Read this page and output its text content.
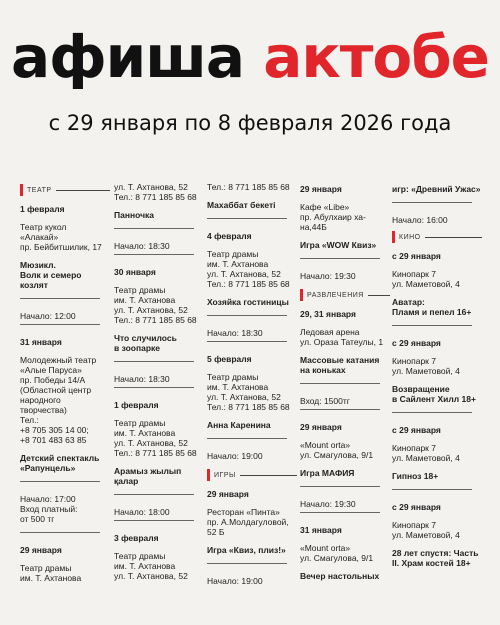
афиша актобе
с 29 января по 8 февраля 2026 года
ТЕАТР
1 февраля
Театр кукол
«Алакай»
пр. Бейбитшилик, 17
Мюзикл.
Волк и семеро козлят
Начало: 12:00
31 января
Молодежный театр
«Алые Паруса»
пр. Победы 14/А
(Областной центр
народного
творчества)
Тел.:
+8 705 305 14 00;
+8 701 483 63 85
Детский спектакль
«Рапунцель»
Начало: 17:00
Вход платный:
от 500 тг
29 января
Театр драмы
им. Т. Ахтанова
ул. Т. Ахтанова, 52
Тел.: 8 771 185 85 68
Панночка
Начало: 18:30
30 января
Театр драмы
им. Т. Ахтанова
ул. Т. Ахтанова, 52
Тел.: 8 771 185 85 68
Что случилось
в зоопарке
Начало: 18:30
1 февраля
Театр драмы
им. Т. Ахтанова
ул. Т. Ахтанова, 52
Тел.: 8 771 185 85 68
Арамыз жылып
қалар
Начало: 18:00
3 февраля
Театр драмы
им. Т. Ахтанова
ул. Т. Ахтанова, 52
Тел.: 8 771 185 85 68
Махаббат бекеті
4 февраля
Театр драмы
им. Т. Ахтанова
ул. Т. Ахтанова, 52
Тел.: 8 771 185 85 68
Хозяйка гостиницы
Начало: 18:30
5 февраля
Театр драмы
им. Т. Ахтанова
ул. Т. Ахтанова, 52
Тел.: 8 771 185 85 68
Анна Каренина
Начало: 19:00
ИГРЫ
29 января
Ресторан «Пинта»
пр. А.Молдагуловой, 52 Б
Игра «Квиз, плиз!»
Начало: 19:00
29 января
Кафе «Libe»
пр. Абулхаир ха-
на,44Б
Игра «WOW Квиз»
Начало: 19:30
РАЗВЛЕЧЕНИЯ
29, 31 января
Ледовая арена
ул. Ораза Татеулы, 1
Массовые катания
на коньках
Вход: 1500тг
29 января
«Mount orta»
ул. Смагулова, 9/1
Игра МАФИЯ
Начало: 19:30
31 января
«Mount orta»
ул. Смагулова, 9/1
Вечер настольных
игр: «Древний Ужас»
Начало: 16:00
КИНО
с 29 января
Кинопарк 7
ул. Маметовой, 4
Аватар:
Пламя и пепел 16+
с 29 января
Кинопарк 7
ул. Маметовой, 4
Возвращение
в Сайлент Хилл 18+
с 29 января
Кинопарк 7
ул. Маметовой, 4
Гипноз 18+
с 29 января
Кинопарк 7
ул. Маметовой, 4
28 лет спустя: Часть
II. Храм костей 18+
